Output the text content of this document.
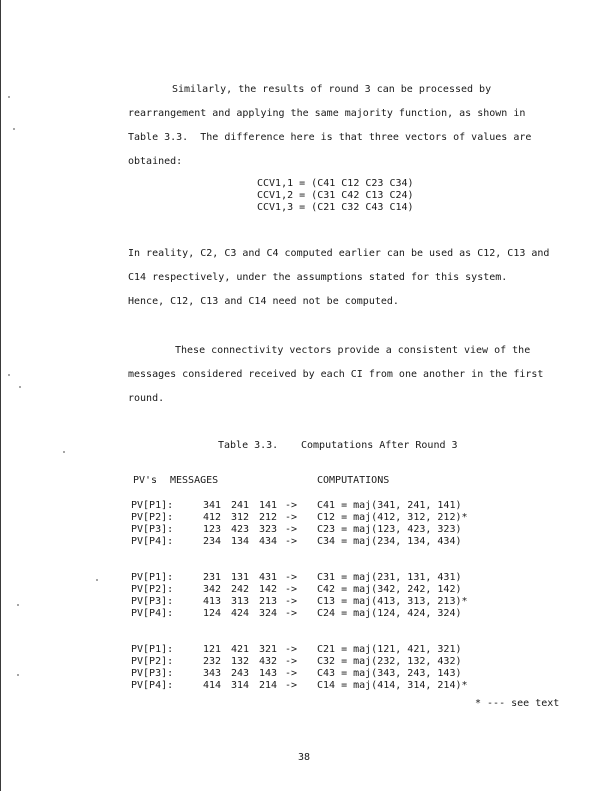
Similarly, the results of round 3 can be processed by
rearrangement and applying the same majority function, as shown in
Table 3.3.  The difference here is that three vectors of values are
obtained:
CCV1,1 = (C41 C12 C23 C34)
CCV1,2 = (C31 C42 C13 C24)
CCV1,3 = (C21 C32 C43 C14)
In reality, C2, C3 and C4 computed earlier can be used as C12, C13 and
C14 respectively, under the assumptions stated for this system.
Hence, C12, C13 and C14 need not be computed.
These connectivity vectors provide a consistent view of the
messages considered received by each CI from one another in the first
round.
Table 3.3. Computations After Round 3
PV's MESSAGES	COMPUTATIONS
PV[P1]:	341 241 141 -> C41 = maj(341, 241, 141)
PV[P2]:	412 312 212 -> C12 = maj(412, 312, 212)*
PV[P3]:	123 423 323 -> C23 = maj(123, 423, 323)
PV[P4]:	234 134 434 -> C34 = maj(234, 134, 434)
PV[P1]:	231 131 431 -> C31 = maj(231, 131, 431)
PV[P2]:	342 242 142 -> C42 = maj(342, 242, 142)
PV[P3]:	413 313 213 -> C13 = maj(413, 313, 213)*
PV[P4]:	124 424 324 -> C24 = maj(124, 424, 324)
PV[P1]:	121 421 321 -> C21 = maj(121, 421, 321)
PV[P2]:	232 132 432 -> C32 = maj(232, 132, 432)
PV[P3]:	343 243 143 -> C43 = maj(343, 243, 143)
PV[P4]:	414 314 214 -> C14 = maj(414, 314, 214)*
* --- see text
38
